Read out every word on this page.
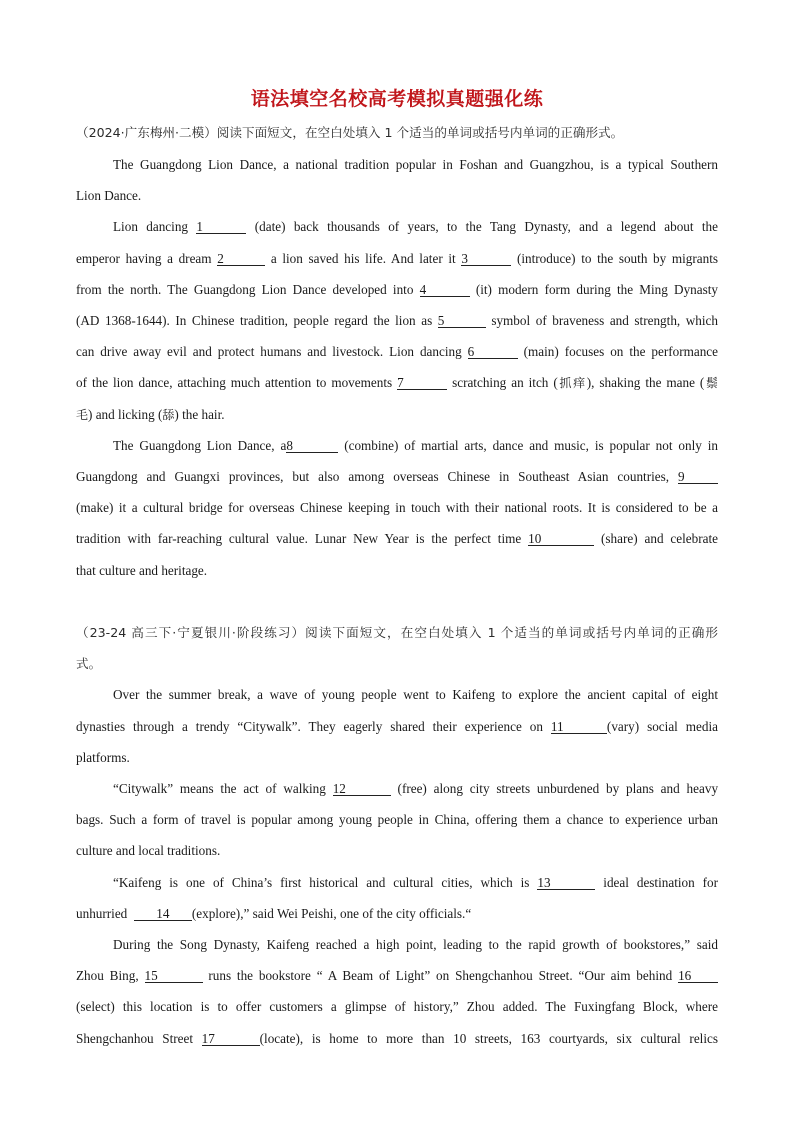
语法填空名校高考模拟真题强化练
（2024·广东梅州·二模）阅读下面短文，在空白处填入 1 个适当的单词或括号内单词的正确形式。
The Guangdong Lion Dance, a national tradition popular in Foshan and Guangzhou, is a typical Southern
Lion Dance.
Lion dancing 1	(date) back thousands of years, to the Tang Dynasty, and a legend about the
emperor having a dream 2	a lion saved his life. And later it 3	(introduce) to the south by migrants
from the north. The Guangdong Lion Dance developed into 4	(it) modern form during the Ming Dynasty
(AD 1368-1644). In Chinese tradition, people regard the lion as 5	symbol of braveness and strength, which
can drive away evil and protect humans and livestock. Lion dancing 6	(main) focuses on the performance
of the lion dance, attaching much attention to movements 7	scratching an itch (抓痒), shaking the mane (鬃
毛) and licking (舔) the hair.
The Guangdong Lion Dance, a8	(combine) of martial arts, dance and music, is popular not only in
Guangdong and Guangxi provinces, but also among overseas Chinese in Southeast Asian countries, 9
(make) it a cultural bridge for overseas Chinese keeping in touch with their national roots. It is considered to be a
tradition with far-reaching cultural value. Lunar New Year is the perfect time 10	(share) and celebrate
that culture and heritage.
（23-24 高三下·宁夏银川·阶段练习）阅读下面短文，在空白处填入 1 个适当的单词或括号内单词的正确形
式。
Over the summer break, a wave of young people went to Kaifeng to explore the ancient capital of eight
dynasties through a trendy “Citywalk”. They eagerly shared their experience on 11	(vary) social media
platforms.
“Citywalk” means the act of walking 12	(free) along city streets unburdened by plans and heavy
bags. Such a form of travel is popular among young people in China, offering them a chance to experience urban
culture and local traditions.
“Kaifeng is one of China’s first historical and cultural cities, which is 13	ideal destination for
unhurried 14 (explore),” said Wei Peishi, one of the city officials.“
During the Song Dynasty, Kaifeng reached a high point, leading to the rapid growth of bookstores,” said
Zhou Bing, 15	runs the bookstore “ A Beam of Light” on Shengchanhou Street. “Our aim behind 16
(select) this location is to offer customers a glimpse of history,” Zhou added. The Fuxingfang Block, where
Shengchanhou Street 17	(locate), is home to more than 10 streets, 163 courtyards, six cultural relics
